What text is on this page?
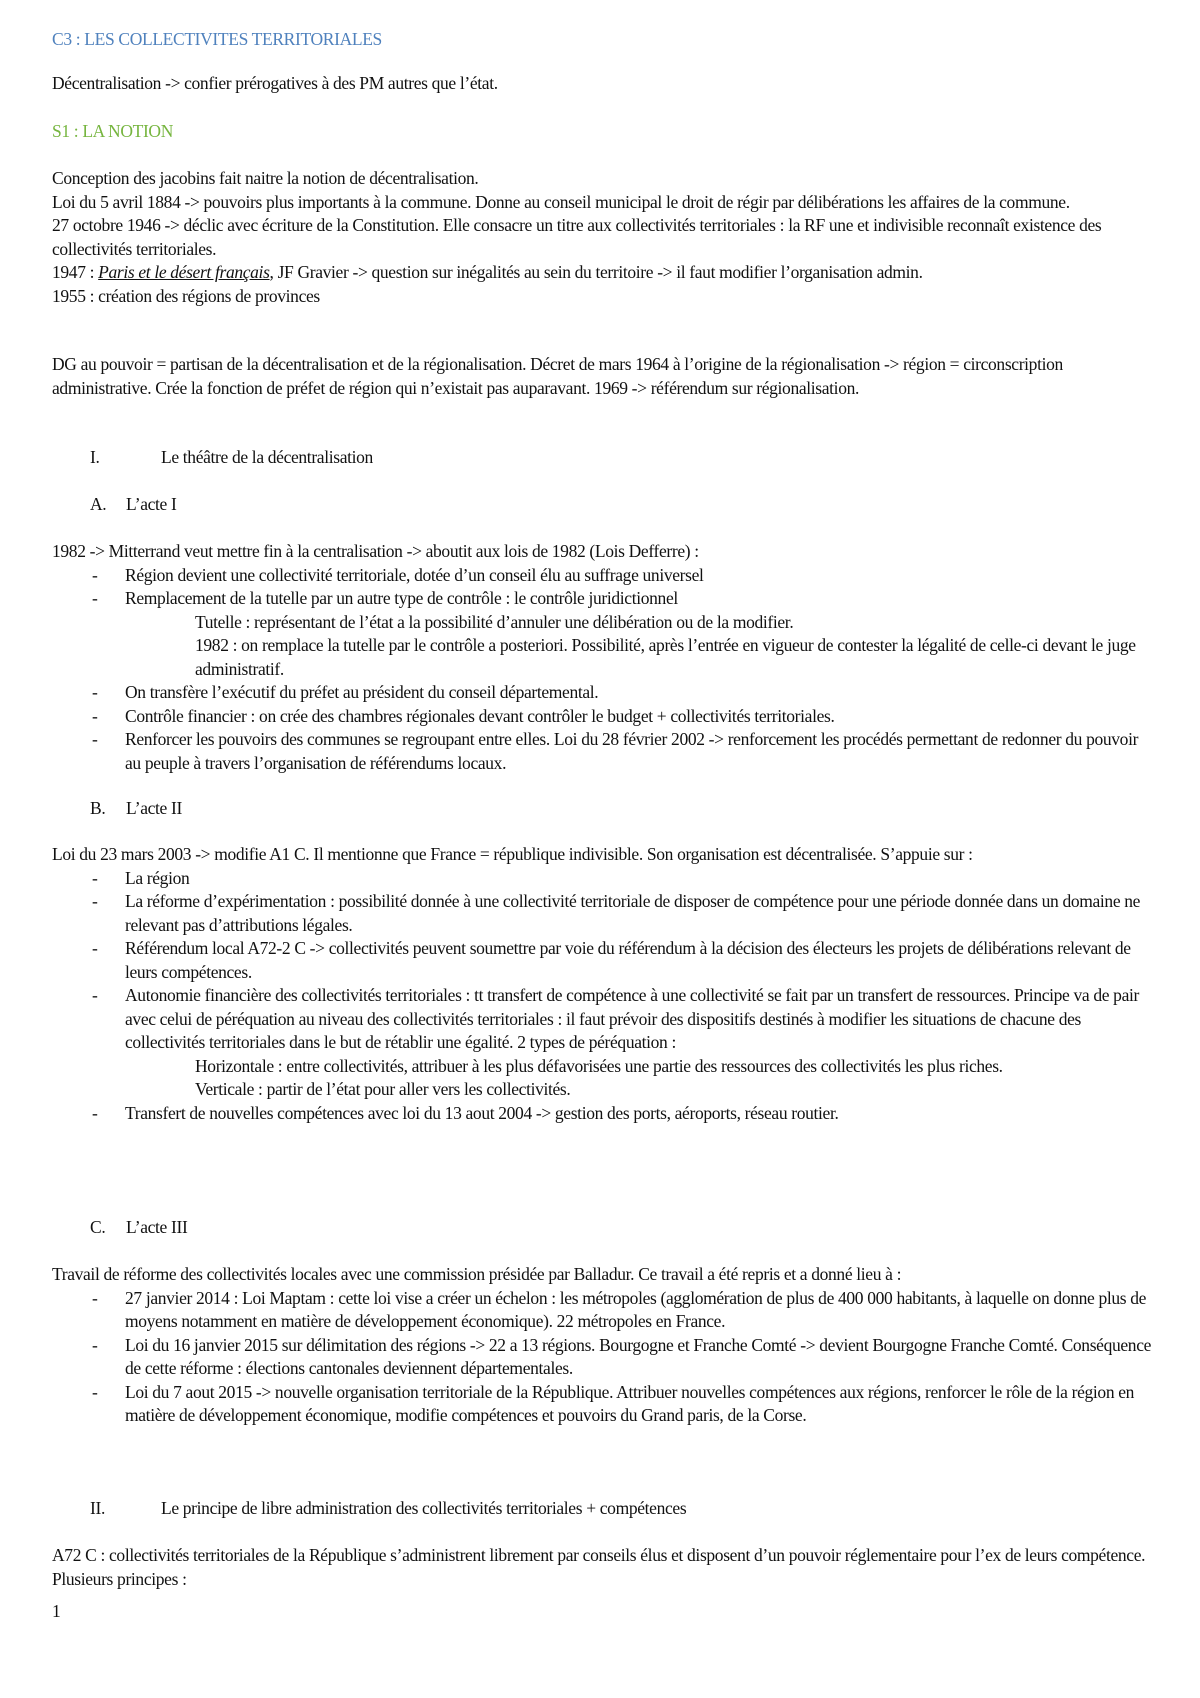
C3 : LES COLLECTIVITES TERRITORIALES

Décentralisation -> confier prérogatives à des PM autres que l’état.

S1 : LA NOTION

Conception des jacobins fait naitre la notion de décentralisation.
Loi du 5 avril 1884 -> pouvoirs plus importants à la commune. Donne au conseil municipal le droit de régir par délibérations les affaires de la commune.
27 octobre 1946 -> déclic avec écriture de la Constitution. Elle consacre un titre aux collectivités territoriales : la RF une et indivisible reconnaît existence des collectivités territoriales.
1947 : Paris et le désert français, JF Gravier -> question sur inégalités au sein du territoire -> il faut modifier l’organisation admin.
1955 : création des régions de provinces

DG au pouvoir = partisan de la décentralisation et de la régionalisation. Décret de mars 1964 à l’origine de la régionalisation -> région = circonscription administrative. Crée la fonction de préfet de région qui n’existait pas auparavant. 1969 -> référendum sur régionalisation.

I.	Le théâtre de la décentralisation
A. L’acte I
1982 -> Mitterrand veut mettre fin à la centralisation -> aboutit aux lois de 1982 (Lois Defferre) :
- Région devient une collectivité territoriale, dotée d’un conseil élu au suffrage universel
- Remplacement de la tutelle par un autre type de contrôle : le contrôle juridictionnel
Tutelle : représentant de l’état a la possibilité d’annuler une délibération ou de la modifier.
1982 : on remplace la tutelle par le contrôle a posteriori. Possibilité, après l’entrée en vigueur de contester la légalité de celle-ci devant le juge administratif.
- On transfère l’exécutif du préfet au président du conseil départemental.
- Contrôle financier : on crée des chambres régionales devant contrôler le budget + collectivités territoriales.
- Renforcer les pouvoirs des communes se regroupant entre elles. Loi du 28 février 2002 -> renforcement les procédés permettant de redonner du pouvoir au peuple à travers l’organisation de référendums locaux.
B. L’acte II
Loi du 23 mars 2003 -> modifie A1 C. Il mentionne que France = république indivisible. Son organisation est décentralisée. S’appuie sur :
- La région
- La réforme d’expérimentation : possibilité donnée à une collectivité territoriale de disposer de compétence pour une période donnée dans un domaine ne relevant pas d’attributions légales.
- Référendum local A72-2 C -> collectivités peuvent soumettre par voie du référendum à la décision des électeurs les projets de délibérations relevant de leurs compétences.
- Autonomie financière des collectivités territoriales : tt transfert de compétence à une collectivité se fait par un transfert de ressources. Principe va de pair avec celui de péréquation au niveau des collectivités territoriales : il faut prévoir des dispositifs destinés à modifier les situations de chacune des collectivités territoriales dans le but de rétablir une égalité. 2 types de péréquation :
Horizontale : entre collectivités, attribuer à les plus défavorisées une partie des ressources des collectivités les plus riches.
Verticale : partir de l’état pour aller vers les collectivités.
- Transfert de nouvelles compétences avec loi du 13 aout 2004 -> gestion des ports, aéroports, réseau routier.
C. L’acte III
Travail de réforme des collectivités locales avec une commission présidée par Balladur. Ce travail a été repris et a donné lieu à :
- 27 janvier 2014 : Loi Maptam : cette loi vise a créer un échelon : les métropoles (agglomération de plus de 400 000 habitants, à laquelle on donne plus de moyens notamment en matière de développement économique). 22 métropoles en France.
- Loi du 16 janvier 2015 sur délimitation des régions -> 22 a 13 régions. Bourgogne et Franche Comté -> devient Bourgogne Franche Comté. Conséquence de cette réforme : élections cantonales deviennent départementales.
- Loi du 7 aout 2015 -> nouvelle organisation territoriale de la République. Attribuer nouvelles compétences aux régions, renforcer le rôle de la région en matière de développement économique, modifie compétences et pouvoirs du Grand paris, de la Corse.
II.	Le principe de libre administration des collectivités territoriales + compétences

A72 C : collectivités territoriales de la République s’administrent librement par conseils élus et disposent d’un pouvoir réglementaire pour l’ex de leurs compétence. Plusieurs principes :

1
